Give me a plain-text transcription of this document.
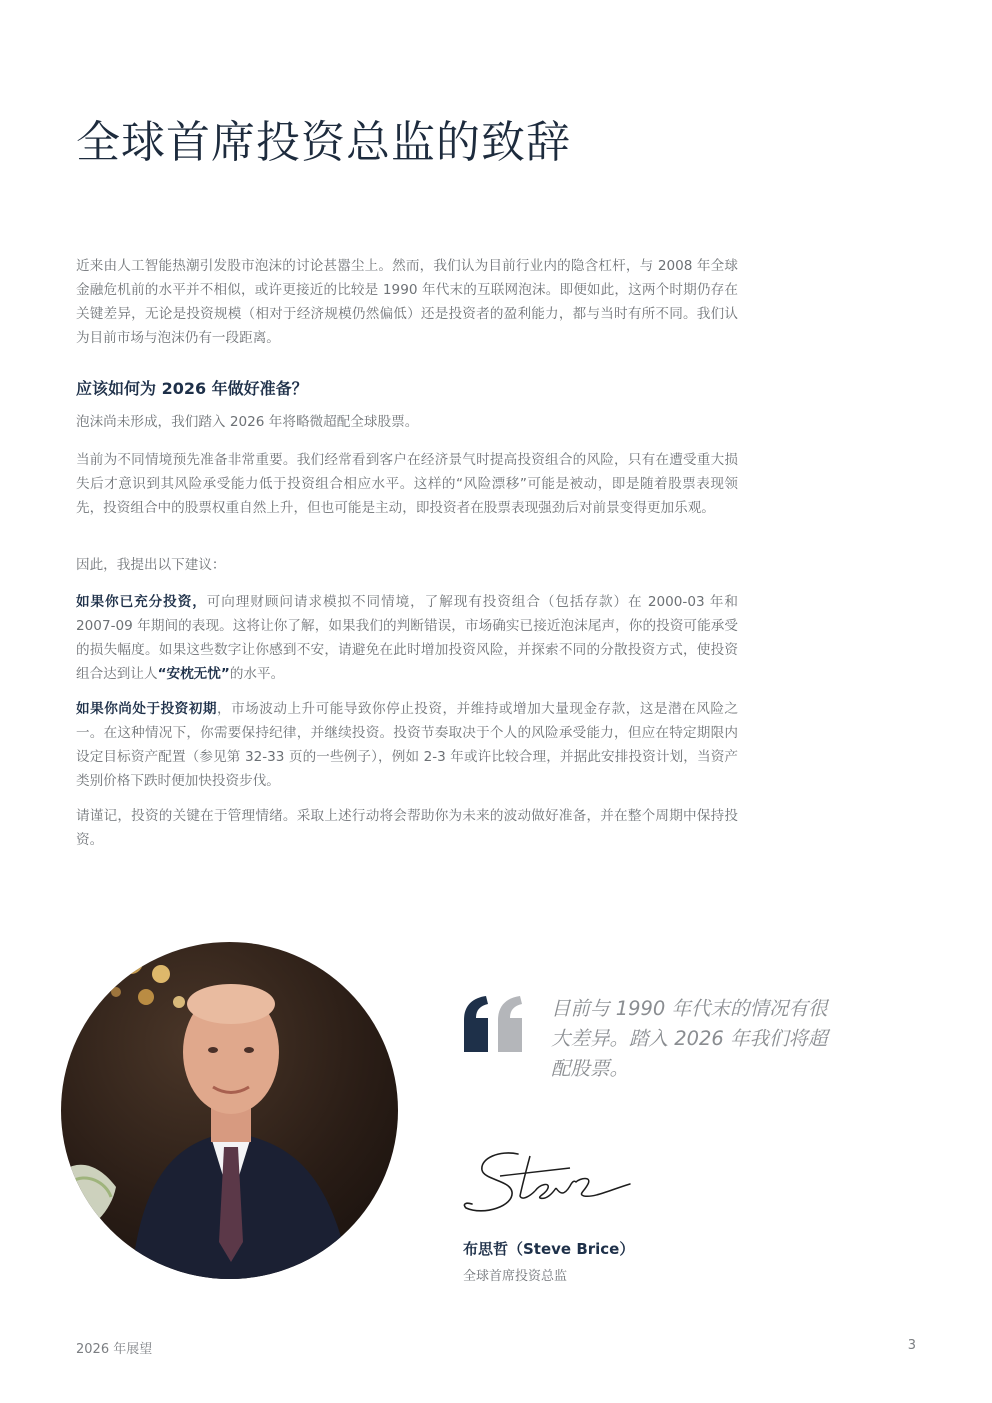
全球首席投资总监的致辞

近来由人工智能热潮引发股市泡沫的讨论甚嚣尘上。然而，我们认为目前行业内的隐含杠杆，与 2008 年全球金融危机前的水平并不相似，或许更接近的比较是 1990 年代末的互联网泡沫。即便如此，这两个时期仍存在关键差异，无论是投资规模（相对于经济规模仍然偏低）还是投资者的盈利能力，都与当时有所不同。我们认为目前市场与泡沫仍有一段距离。

应该如何为 2026 年做好准备？

泡沫尚未形成，我们踏入 2026 年将略微超配全球股票。

当前为不同情境预先准备非常重要。我们经常看到客户在经济景气时提高投资组合的风险，只有在遭受重大损失后才意识到其风险承受能力低于投资组合相应水平。这样的“风险漂移”可能是被动，即是随着股票表现领先，投资组合中的股票权重自然上升，但也可能是主动，即投资者在股票表现强劲后对前景变得更加乐观。

因此，我提出以下建议：

如果你已充分投资，可向理财顾问请求模拟不同情境，了解现有投资组合（包括存款）在 2000-03 年和 2007-09 年期间的表现。这将让你了解，如果我们的判断错误，市场确实已接近泡沫尾声，你的投资可能承受的损失幅度。如果这些数字让你感到不安，请避免在此时增加投资风险，并探索不同的分散投资方式，使投资组合达到让人“安枕无忧”的水平。

如果你尚处于投资初期，市场波动上升可能导致你停止投资，并维持或增加大量现金存款，这是潜在风险之一。在这种情况下，你需要保持纪律，并继续投资。投资节奏取决于个人的风险承受能力，但应在特定期限内设定目标资产配置（参见第 32-33 页的一些例子），例如 2-3 年或许比较合理，并据此安排投资计划，当资产类别价格下跌时便加快投资步伐。

请谨记，投资的关键在于管理情绪。采取上述行动将会帮助你为未来的波动做好准备，并在整个周期中保持投资。

目前与 1990 年代末的情况有很大差异。踏入 2026 年我们将超配股票。

布思哲（Steve Brice）

全球首席投资总监

2026 年展望	3
